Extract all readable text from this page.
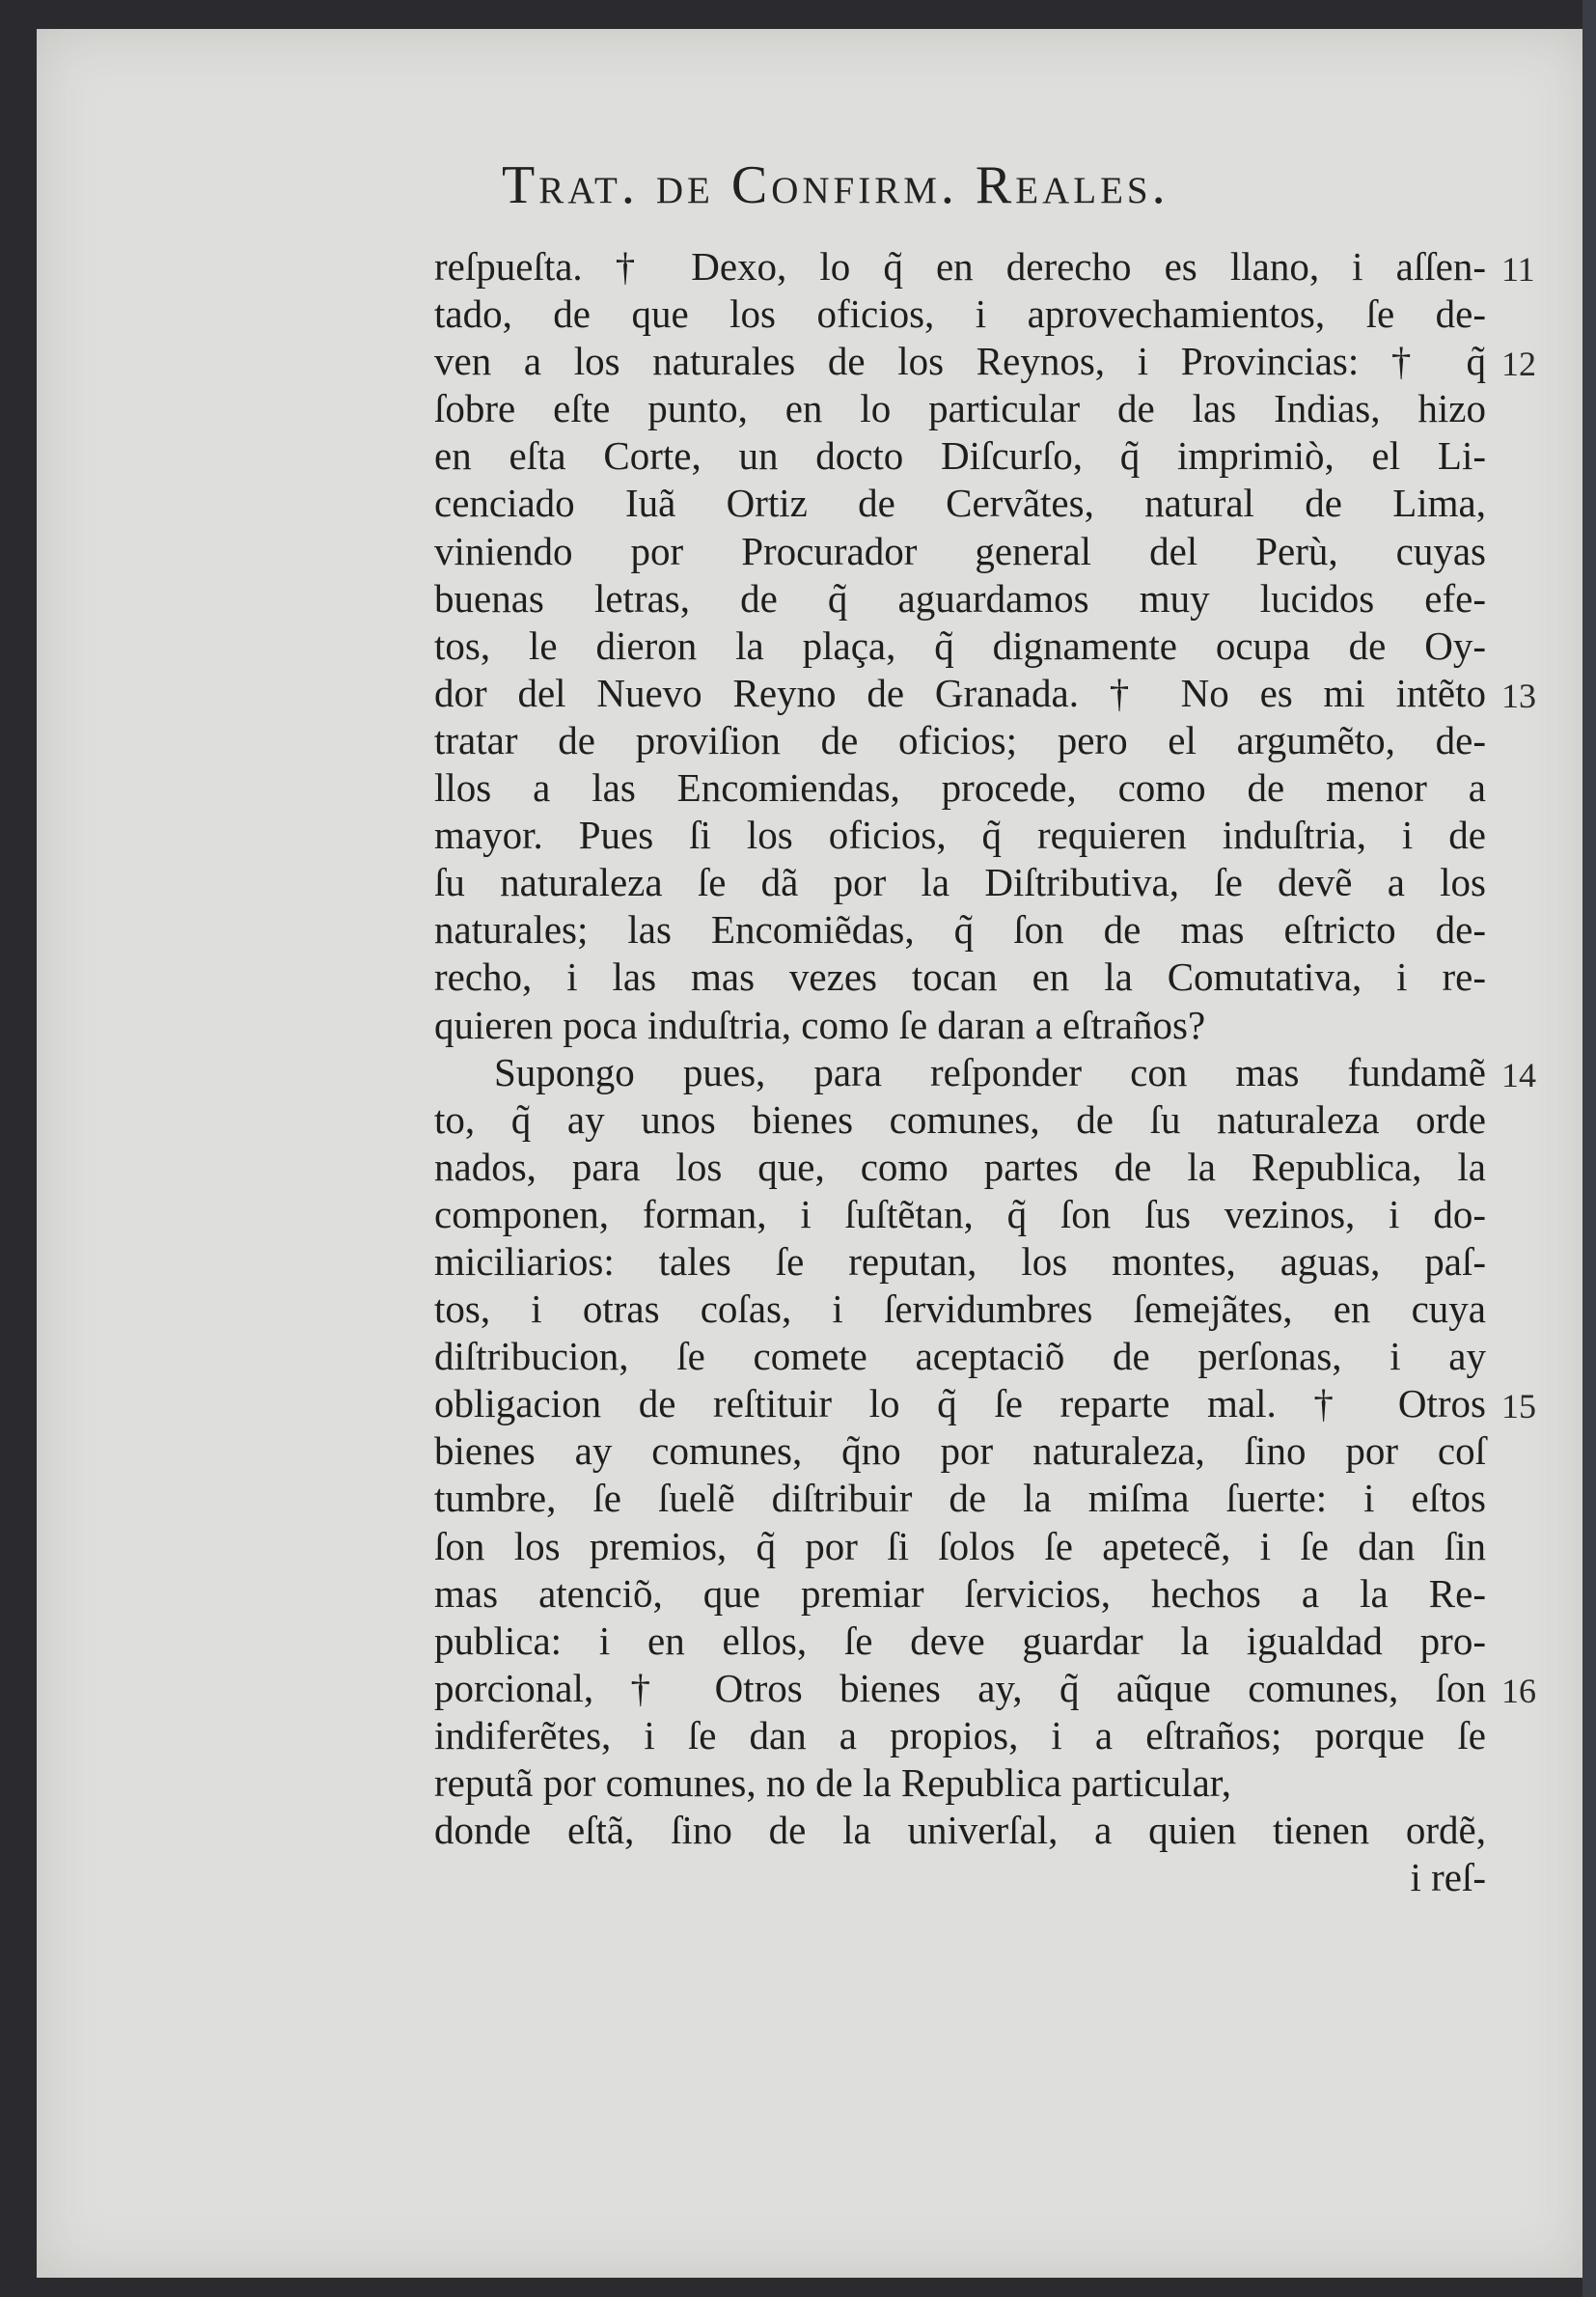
Trat. de Confirm. Reales.
reſpueſta. † Dexo, lo q̃ en derecho es llano, i aſſen-
tado, de que los oficios, i aprovechamientos, ſe de-
ven a los naturales de los Reynos, i Provincias: † q̃
ſobre eſte punto, en lo particular de las Indias, hizo
en eſta Corte, un docto Diſcurſo, q̃ imprimiò, el Li-
cenciado Iuã Ortiz de Cervãtes, natural de Lima,
viniendo por Procurador general del Perù, cuyas
buenas letras, de q̃ aguardamos muy lucidos efe-
tos, le dieron la plaça, q̃ dignamente ocupa de Oy-
dor del Nuevo Reyno de Granada. † No es mi intẽto
tratar de proviſion de oficios; pero el argumẽto, de-
llos a las Encomiendas, procede, como de menor a
mayor. Pues ſi los oficios, q̃ requieren induſtria, i de
ſu naturaleza ſe dã por la Diſtributiva, ſe devẽ a los
naturales; las Encomiẽdas, q̃ ſon de mas eſtricto de-
recho, i las mas vezes tocan en la Comutativa, i re-
quieren poca induſtria, como ſe daran a eſtraños?
Supongo pues, para reſponder con mas fundamẽ
to, q̃ ay unos bienes comunes, de ſu naturaleza orde
nados, para los que, como partes de la Republica, la
componen, forman, i ſuſtẽtan, q̃ ſon ſus vezinos, i do-
miciliarios: tales ſe reputan, los montes, aguas, paſ-
tos, i otras coſas, i ſervidumbres ſemejãtes, en cuya
diſtribucion, ſe comete aceptaciõ de perſonas, i ay
obligacion de reſtituir lo q̃ ſe reparte mal. † Otros
bienes ay comunes, q̃no por naturaleza, ſino por coſ
tumbre, ſe ſuelẽ diſtribuir de la miſma ſuerte: i eſtos
ſon los premios, q̃ por ſi ſolos ſe apetecẽ, i ſe dan ſin
mas atenciõ, que premiar ſervicios, hechos a la Re-
publica: i en ellos, ſe deve guardar la igualdad pro-
porcional, † Otros bienes ay, q̃ aũque comunes, ſon
indiferẽtes, i ſe dan a propios, i a eſtraños; porque ſe
reputã por comunes, no de la Republica particular,
donde eſtã, ſino de la univerſal, a quien tienen ordẽ,
i reſ-
11
12
13
14
15
16
